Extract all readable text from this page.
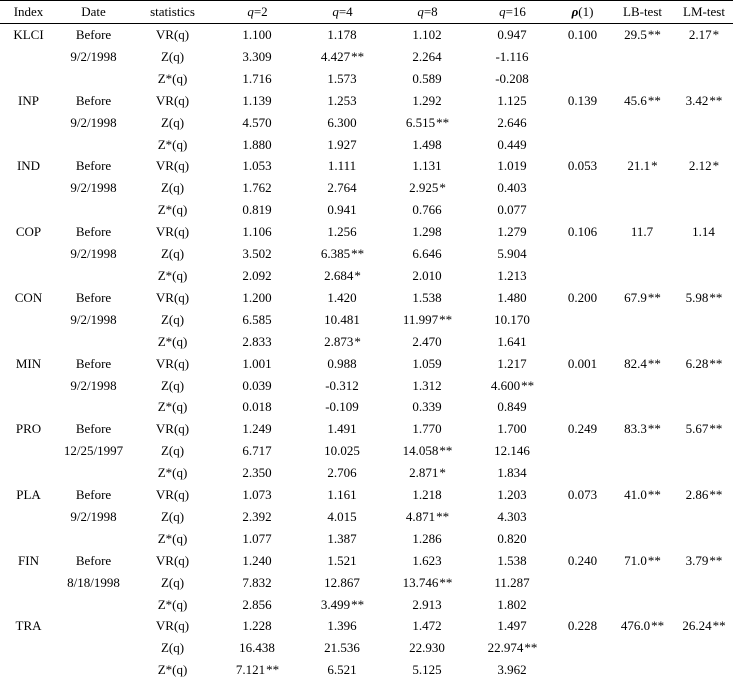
Index	Date	statistics	q=2	q=4	q=8	q=16	ρ(1)	LB-test	LM-test
KLCI	Before	VR(q)	1.100	1.178	1.102	0.947	0.100	29.5**	2.17*
	9/2/1998	Z(q)	3.309	4.427**	2.264	-1.116			
		Z*(q)	1.716	1.573	0.589	-0.208			
INP	Before	VR(q)	1.139	1.253	1.292	1.125	0.139	45.6**	3.42**
	9/2/1998	Z(q)	4.570	6.300	6.515**	2.646			
		Z*(q)	1.880	1.927	1.498	0.449			
IND	Before	VR(q)	1.053	1.111	1.131	1.019	0.053	21.1*	2.12*
	9/2/1998	Z(q)	1.762	2.764	2.925*	0.403			
		Z*(q)	0.819	0.941	0.766	0.077			
COP	Before	VR(q)	1.106	1.256	1.298	1.279	0.106	11.7	1.14
	9/2/1998	Z(q)	3.502	6.385**	6.646	5.904			
		Z*(q)	2.092	2.684*	2.010	1.213			
CON	Before	VR(q)	1.200	1.420	1.538	1.480	0.200	67.9**	5.98**
	9/2/1998	Z(q)	6.585	10.481	11.997**	10.170			
		Z*(q)	2.833	2.873*	2.470	1.641			
MIN	Before	VR(q)	1.001	0.988	1.059	1.217	0.001	82.4**	6.28**
	9/2/1998	Z(q)	0.039	-0.312	1.312	4.600**			
		Z*(q)	0.018	-0.109	0.339	0.849			
PRO	Before	VR(q)	1.249	1.491	1.770	1.700	0.249	83.3**	5.67**
	12/25/1997	Z(q)	6.717	10.025	14.058**	12.146			
		Z*(q)	2.350	2.706	2.871*	1.834			
PLA	Before	VR(q)	1.073	1.161	1.218	1.203	0.073	41.0**	2.86**
	9/2/1998	Z(q)	2.392	4.015	4.871**	4.303			
		Z*(q)	1.077	1.387	1.286	0.820			
FIN	Before	VR(q)	1.240	1.521	1.623	1.538	0.240	71.0**	3.79**
	8/18/1998	Z(q)	7.832	12.867	13.746**	11.287			
		Z*(q)	2.856	3.499**	2.913	1.802			
TRA		VR(q)	1.228	1.396	1.472	1.497	0.228	476.0**	26.24**
		Z(q)	16.438	21.536	22.930	22.974**			
		Z*(q)	7.121**	6.521	5.125	3.962			
